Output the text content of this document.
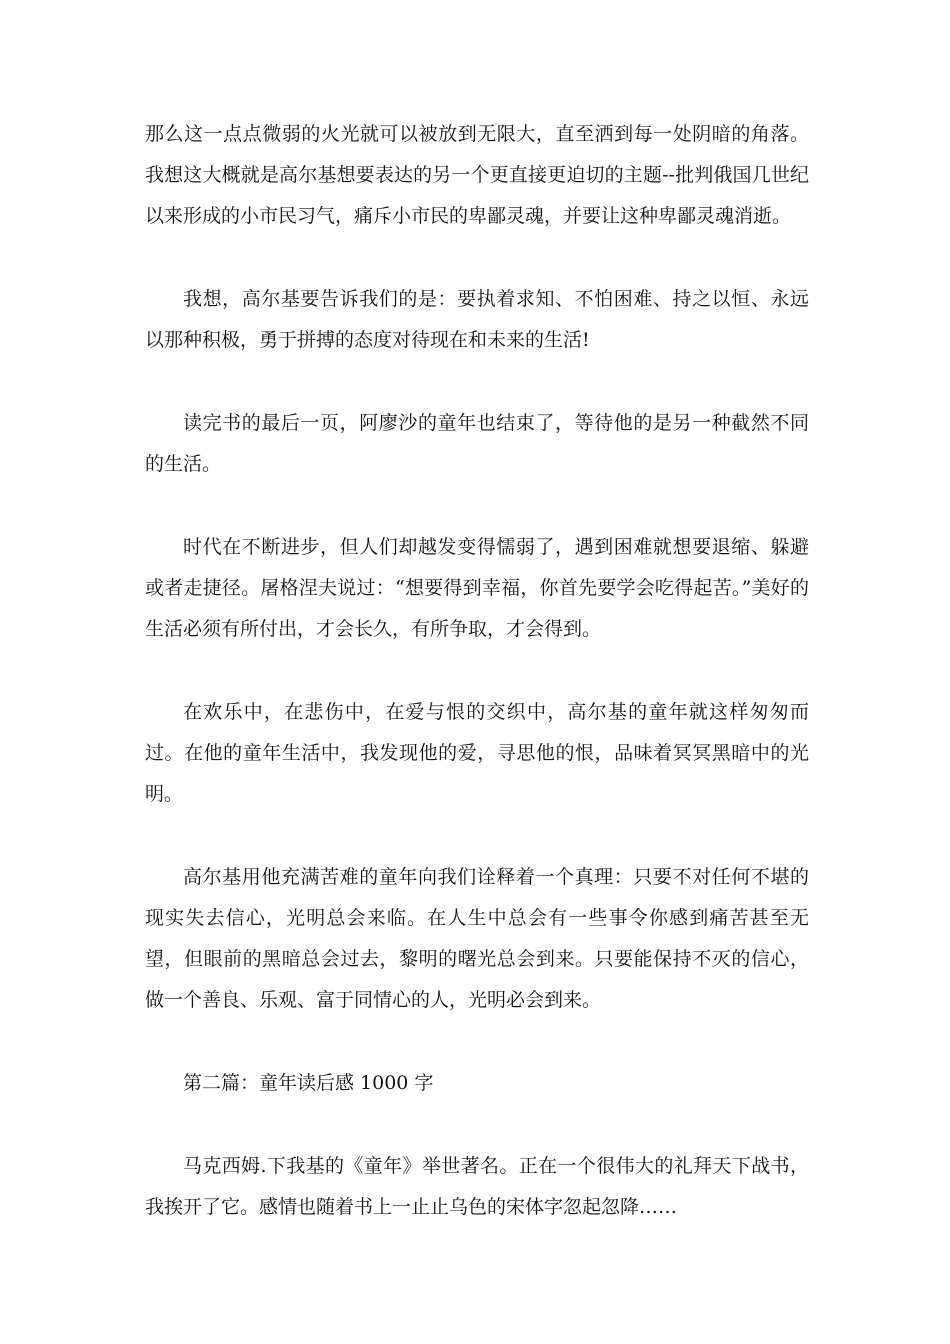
那么这一点点微弱的火光就可以被放到无限大，直至洒到每一处阴暗的角落。我想这大概就是高尔基想要表达的另一个更直接更迫切的主题--批判俄国几世纪以来形成的小市民习气，痛斥小市民的卑鄙灵魂，并要让这种卑鄙灵魂消逝。

我想，高尔基要告诉我们的是：要执着求知、不怕困难、持之以恒、永远以那种积极，勇于拼搏的态度对待现在和未来的生活!

读完书的最后一页，阿廖沙的童年也结束了，等待他的是另一种截然不同的生活。

时代在不断进步，但人们却越发变得懦弱了，遇到困难就想要退缩、躲避或者走捷径。屠格涅夫说过：“想要得到幸福，你首先要学会吃得起苦。”美好的生活必须有所付出，才会长久，有所争取，才会得到。

在欢乐中，在悲伤中，在爱与恨的交织中，高尔基的童年就这样匆匆而过。在他的童年生活中，我发现他的爱，寻思他的恨，品味着冥冥黑暗中的光明。

高尔基用他充满苦难的童年向我们诠释着一个真理：只要不对任何不堪的现实失去信心，光明总会来临。在人生中总会有一些事令你感到痛苦甚至无望，但眼前的黑暗总会过去，黎明的曙光总会到来。只要能保持不灭的信心，做一个善良、乐观、富于同情心的人，光明必会到来。

第二篇：童年读后感 1000 字

马克西姆.下我基的《童年》举世著名。正在一个很伟大的礼拜天下战书，我挨开了它。感情也随着书上一止止乌色的宋体字忽起忽降……
